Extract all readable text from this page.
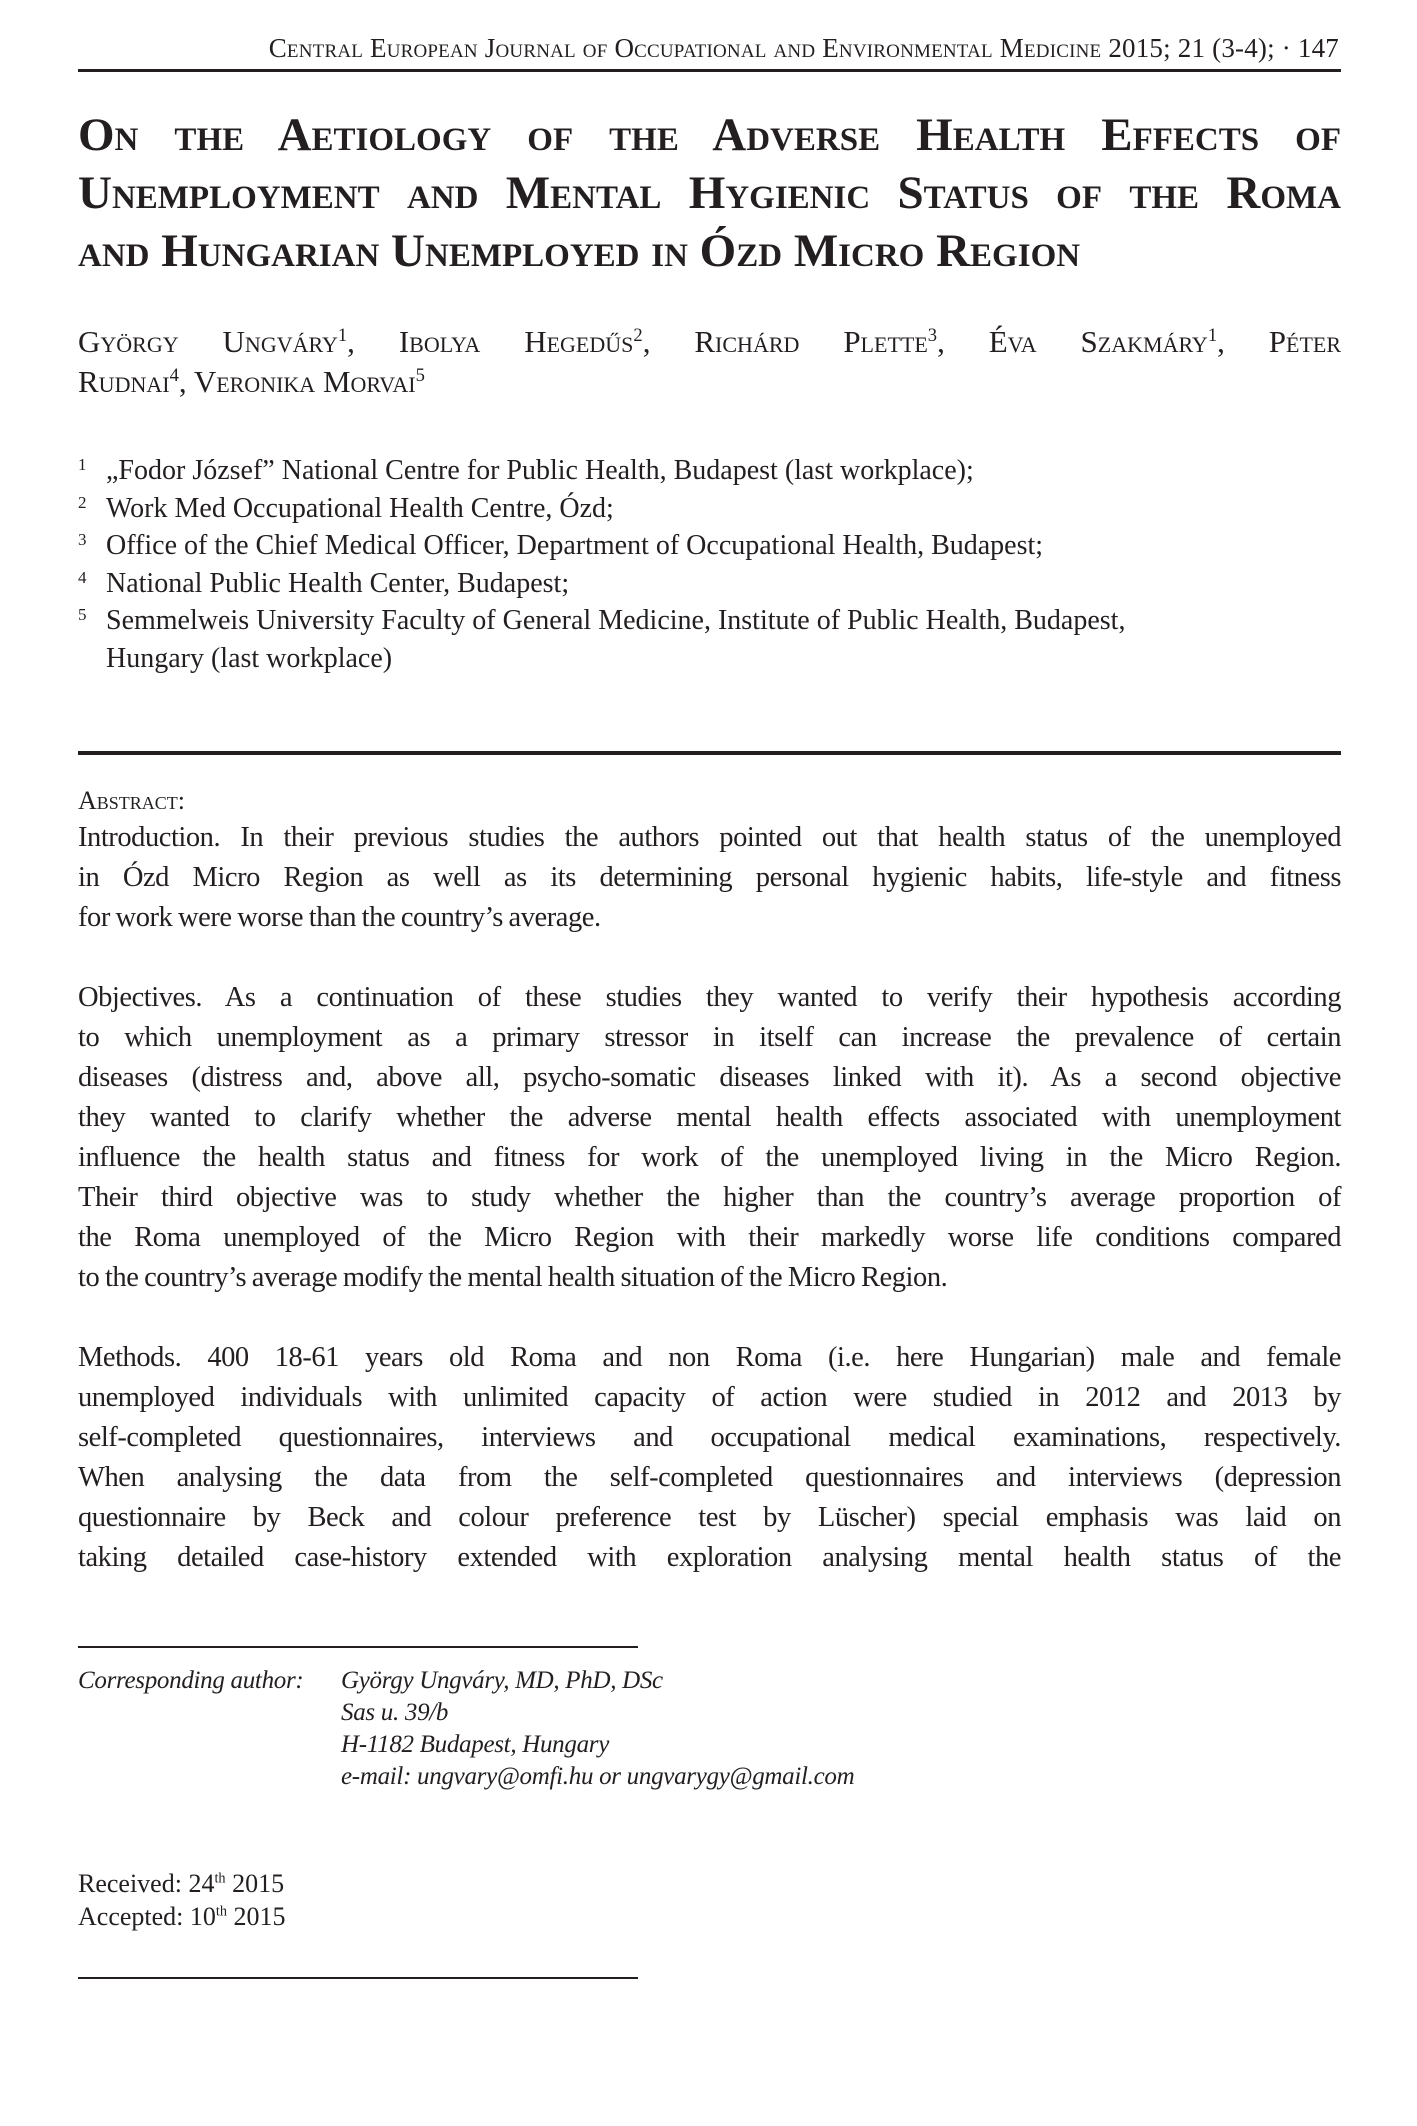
Central European Journal of Occupational and Environmental Medicine 2015; 21 (3-4); · 147
On the Aetiology of the Adverse Health Effects of
Unemployment and Mental Hygienic Status of the Roma
and Hungarian Unemployed in Ózd Micro Region
György Ungváry$^1$, Ibolya Hegedűs$^2$, Richárd Plette$^3$, Éva Szakmáry$^1$, Péter
Rudnai$^4$, Veronika Morvai$^5$
1 „Fodor József” National Centre for Public Health, Budapest (last workplace);
2 Work Med Occupational Health Centre, Ózd;
3 Office of the Chief Medical Officer, Department of Occupational Health, Budapest;
4 National Public Health Center, Budapest;
5 Semmelweis University Faculty of General Medicine, Institute of Public Health, Budapest,
Hungary (last workplace)
Abstract:
Introduction. In their previous studies the authors pointed out that health status of the unemployed
in Ózd Micro Region as well as its determining personal hygienic habits, life-style and fitness
for work were worse than the country’s average.
Objectives. As a continuation of these studies they wanted to verify their hypothesis according
to which unemployment as a primary stressor in itself can increase the prevalence of certain
diseases (distress and, above all, psycho-somatic diseases linked with it). As a second objective
they wanted to clarify whether the adverse mental health effects associated with unemployment
influence the health status and fitness for work of the unemployed living in the Micro Region.
Their third objective was to study whether the higher than the country’s average proportion of
the Roma unemployed of the Micro Region with their markedly worse life conditions compared
to the country’s average modify the mental health situation of the Micro Region.
Methods. 400 18-61 years old Roma and non Roma (i.e. here Hungarian) male and female
unemployed individuals with unlimited capacity of action were studied in 2012 and 2013 by
self-completed questionnaires, interviews and occupational medical examinations, respectively.
When analysing the data from the self-completed questionnaires and interviews (depression
questionnaire by Beck and colour preference test by Lüscher) special emphasis was laid on
taking detailed case-history extended with exploration analysing mental health status of the
Corresponding author:	György Ungváry, MD, PhD, DSc
Sas u. 39/b
H-1182 Budapest, Hungary
e-mail: ungvary@omfi.hu or ungvarygy@gmail.com
Received: 24th 2015
Accepted: 10th 2015
